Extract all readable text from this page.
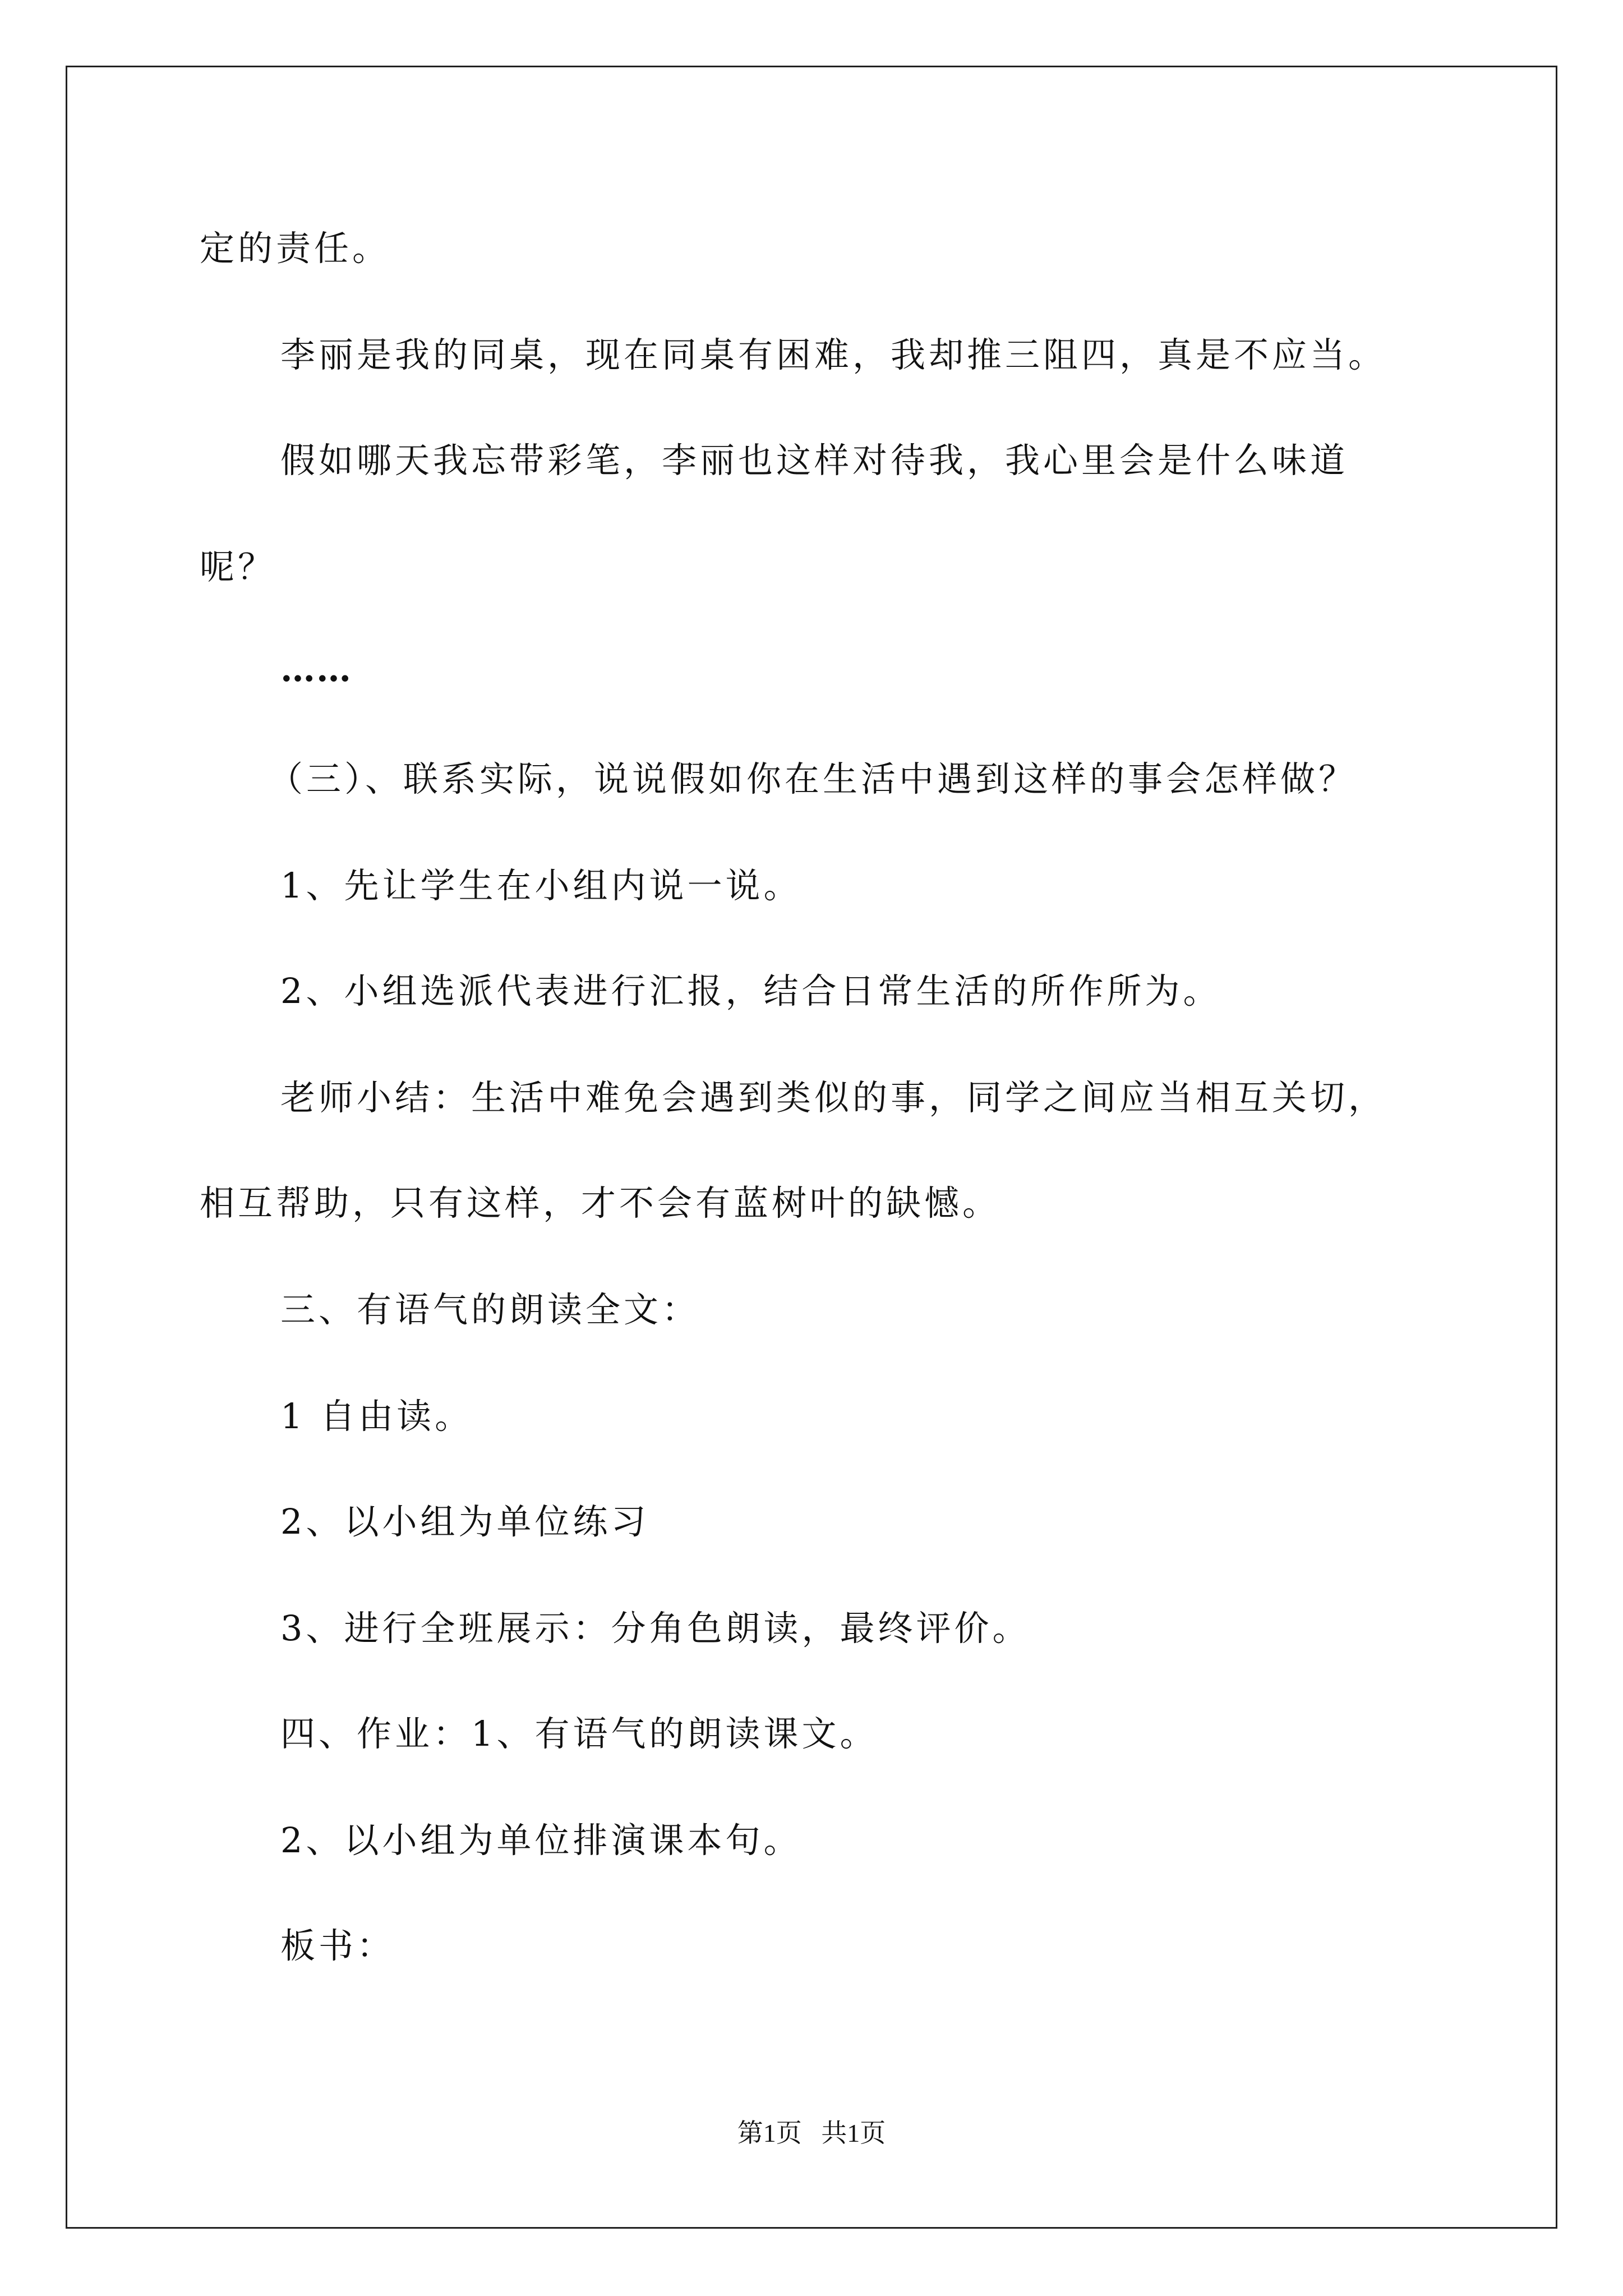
定的责任。
李丽是我的同桌，现在同桌有困难，我却推三阻四，真是不应当。
假如哪天我忘带彩笔，李丽也这样对待我，我心里会是什么味道
呢？
……
（三）、联系实际，说说假如你在生活中遇到这样的事会怎样做？
1、先让学生在小组内说一说。
2、小组选派代表进行汇报，结合日常生活的所作所为。
老师小结：生活中难免会遇到类似的事，同学之间应当相互关切，
相互帮助，只有这样，才不会有蓝树叶的缺憾。
三、有语气的朗读全文：
1 自由读。
2、以小组为单位练习
3、进行全班展示：分角色朗读，最终评价。
四、作业：1、有语气的朗读课文。
2、以小组为单位排演课本句。
板书：
第1页   共1页
